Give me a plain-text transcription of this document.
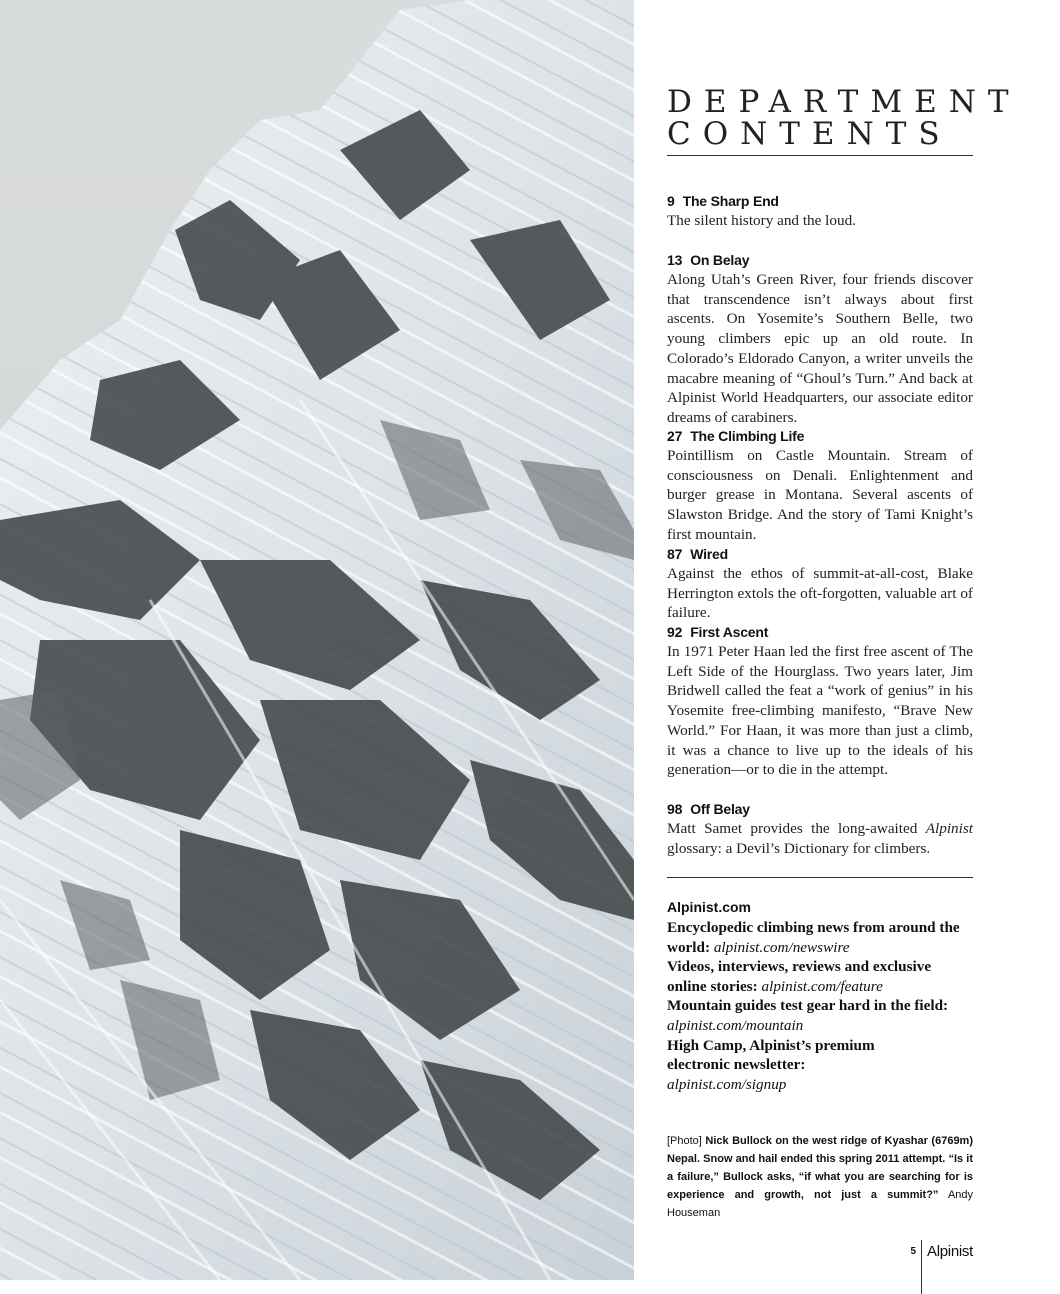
DEPARTMENT
CONTENTS
9 The Sharp End
The silent history and the loud.
13 On Belay
Along Utah’s Green River, four friends discover that transcendence isn’t always about first ascents. On Yosemite’s Southern Belle, two young climbers epic up an old route. In Colorado’s Eldorado Canyon, a writer unveils the macabre meaning of “Ghoul’s Turn.” And back at Alpinist World Headquarters, our associate editor dreams of carabiners.
27 The Climbing Life
Pointillism on Castle Mountain. Stream of consciousness on Denali. Enlightenment and burger grease in Montana. Several ascents of Slawston Bridge. And the story of Tami Knight’s first mountain.
87 Wired
Against the ethos of summit-at-all-cost, Blake Herrington extols the oft-forgotten, valuable art of failure.
92 First Ascent
In 1971 Peter Haan led the first free ascent of The Left Side of the Hourglass. Two years later, Jim Bridwell called the feat a “work of genius” in his Yosemite free-climbing manifesto, “Brave New World.” For Haan, it was more than just a climb, it was a chance to live up to the ideals of his generation—or to die in the attempt.
98 Off Belay
Matt Samet provides the long-awaited Alpinist glossary: a Devil’s Dictionary for climbers.
Alpinist.com
Encyclopedic climbing news from around the world: alpinist.com/newswire
Videos, interviews, reviews and exclusive online stories: alpinist.com/feature
Mountain guides test gear hard in the field: alpinist.com/mountain
High Camp, Alpinist’s premium electronic newsletter: alpinist.com/signup
[Photo] Nick Bullock on the west ridge of Kyashar (6769m) Nepal. Snow and hail ended this spring 2011 attempt. “Is it a failure,” Bullock asks, “if what you are searching for is experience and growth, not just a summit?” Andy Houseman
5 Alpinist
